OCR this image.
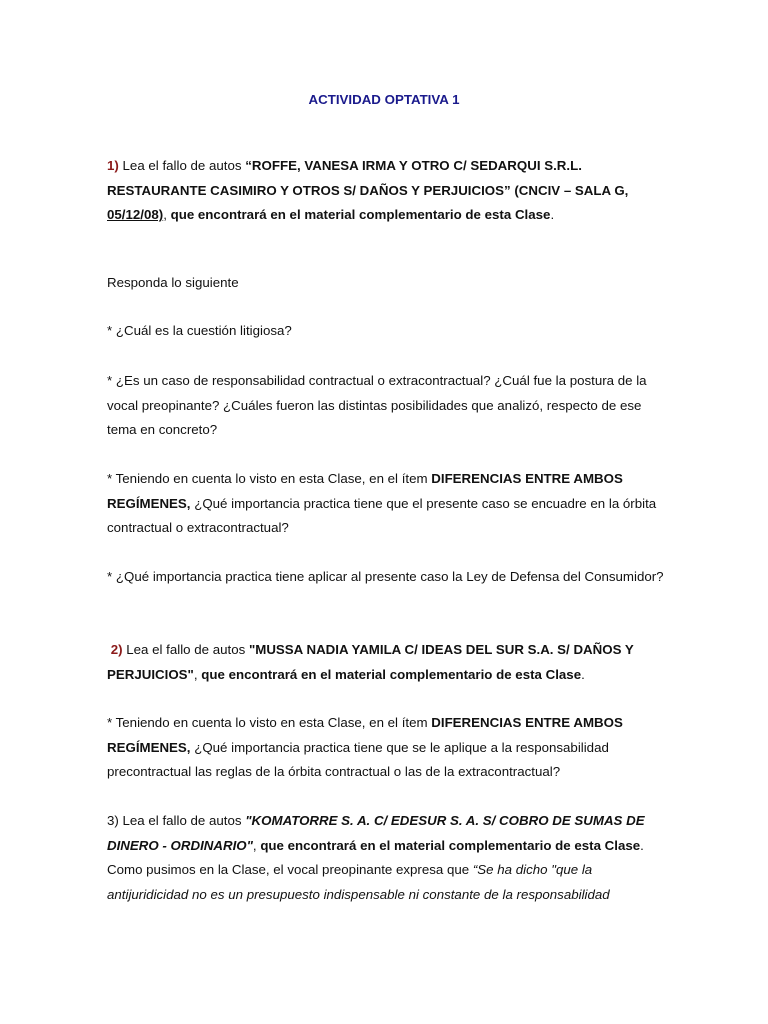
ACTIVIDAD OPTATIVA 1
1) Lea el fallo de autos “ROFFE, VANESA IRMA Y OTRO C/ SEDARQUI S.R.L. RESTAURANTE CASIMIRO Y OTROS S/ DAÑOS Y PERJUICIOS” (CNCIV – SALA G, 05/12/08), que encontrará en el material complementario de esta Clase.
Responda lo siguiente
* ¿Cuál es la cuestión litigiosa?
* ¿Es un caso de responsabilidad contractual o extracontractual? ¿Cuál fue la postura de la vocal preopinante? ¿Cuáles fueron las distintas posibilidades que analizó, respecto de ese tema en concreto?
* Teniendo en cuenta lo visto en esta Clase, en el ítem DIFERENCIAS ENTRE AMBOS REGÍMENES, ¿Qué importancia practica tiene que el presente caso se encuadre en la órbita contractual o extracontractual?
* ¿Qué importancia practica tiene aplicar al presente caso la Ley de Defensa del Consumidor?
2) Lea el fallo de autos "MUSSA NADIA YAMILA C/ IDEAS DEL SUR S.A. S/ DAÑOS Y PERJUICIOS", que encontrará en el material complementario de esta Clase.
* Teniendo en cuenta lo visto en esta Clase, en el ítem DIFERENCIAS ENTRE AMBOS REGÍMENES, ¿Qué importancia practica tiene que se le aplique a la responsabilidad precontractual las reglas de la órbita contractual o las de la extracontractual?

3) Lea el fallo de autos "KOMATORRE S. A. C/ EDESUR S. A. S/ COBRO DE SUMAS DE DINERO - ORDINARIO", que encontrará en el material complementario de esta Clase.

Como pusimos en la Clase, el vocal preopinante expresa que “Se ha dicho "que la antijuridicidad no es un presupuesto indispensable ni constante de la responsabilidad
